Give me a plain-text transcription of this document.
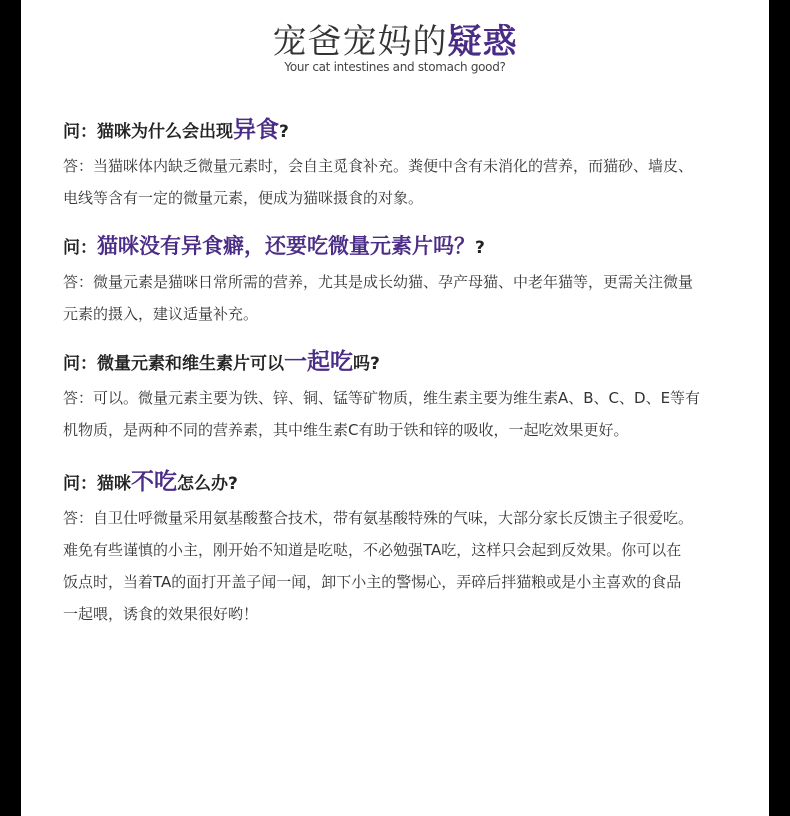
宠爸宠妈的疑惑
Your cat intestines and stomach good?
问：猫咪为什么会出现异食?
答：当猫咪体内缺乏微量元素时，会自主觅食补充。粪便中含有未消化的营养，而猫砂、墙皮、
电线等含有一定的微量元素，便成为猫咪摄食的对象。
问：猫咪没有异食癖，还要吃微量元素片吗？?
答：微量元素是猫咪日常所需的营养，尤其是成长幼猫、孕产母猫、中老年猫等，更需关注微量
元素的摄入，建议适量补充。
问：微量元素和维生素片可以一起吃吗?
答：可以。微量元素主要为铁、锌、铜、锰等矿物质，维生素主要为维生素A、B、C、D、E等有
机物质，是两种不同的营养素，其中维生素C有助于铁和锌的吸收，一起吃效果更好。
问：猫咪不吃怎么办?
答：自卫仕呼微量采用氨基酸螯合技术，带有氨基酸特殊的气味，大部分家长反馈主子很爱吃。
难免有些谨慎的小主，刚开始不知道是吃哒，不必勉强TA吃，这样只会起到反效果。你可以在
饭点时，当着TA的面打开盖子闻一闻，卸下小主的警惕心，弄碎后拌猫粮或是小主喜欢的食品
一起喂，诱食的效果很好哟！
